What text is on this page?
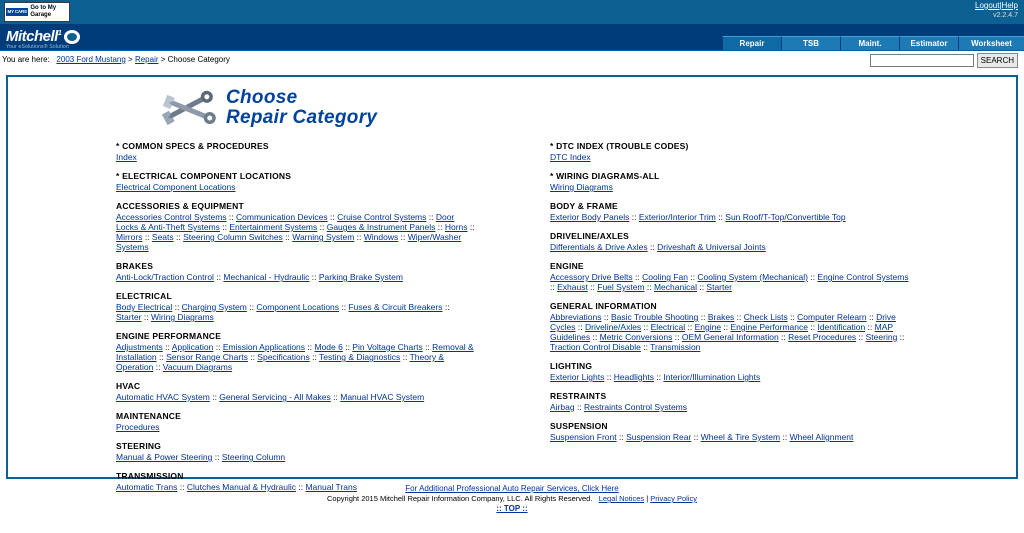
MY CARS
Go to My Garage
Logout|Help
v2.2.4.7
Mitchell$^1$
Your eSolutions® Solution	Repair	TSB	Maint.	Estimator	Worksheet
You are here: 2003 Ford Mustang > Repair > Choose Category	SEARCH
Choose
Repair Category
* COMMON SPECS & PROCEDURES
Index
* ELECTRICAL COMPONENT LOCATIONS
Electrical Component Locations
ACCESSORIES & EQUIPMENT
Accessories Control Systems :: Communication Devices :: Cruise Control Systems :: Door Locks & Anti-Theft Systems :: Entertainment Systems :: Gauges & Instrument Panels :: Horns :: Mirrors :: Seats :: Steering Column Switches :: Warning System :: Windows :: Wiper/Washer Systems
BRAKES
Anti-Lock/Traction Control :: Mechanical - Hydraulic :: Parking Brake System
ELECTRICAL
Body Electrical :: Charging System :: Component Locations :: Fuses & Circuit Breakers :: Starter :: Wiring Diagrams
ENGINE PERFORMANCE
Adjustments :: Application :: Emission Applications :: Mode 6 :: Pin Voltage Charts :: Removal & Installation :: Sensor Range Charts :: Specifications :: Testing & Diagnostics :: Theory & Operation :: Vacuum Diagrams
HVAC
Automatic HVAC System :: General Servicing - All Makes :: Manual HVAC System
MAINTENANCE
Procedures
STEERING
Manual & Power Steering :: Steering Column
TRANSMISSION
Automatic Trans :: Clutches Manual & Hydraulic :: Manual Trans
* DTC INDEX (TROUBLE CODES)
DTC Index
* WIRING DIAGRAMS-ALL
Wiring Diagrams
BODY & FRAME
Exterior Body Panels :: Exterior/Interior Trim :: Sun Roof/T-Top/Convertible Top
DRIVELINE/AXLES
Differentials & Drive Axles :: Driveshaft & Universal Joints
ENGINE
Accessory Drive Belts :: Cooling Fan :: Cooling System (Mechanical) :: Engine Control Systems :: Exhaust :: Fuel System :: Mechanical :: Starter
GENERAL INFORMATION
Abbreviations :: Basic Trouble Shooting :: Brakes :: Check Lists :: Computer Relearn :: Drive Cycles :: Driveline/Axles :: Electrical :: Engine :: Engine Performance :: Identification :: MAP Guidelines :: Metric Conversions :: OEM General Information :: Reset Procedures :: Steering :: Traction Control Disable :: Transmission
LIGHTING
Exterior Lights :: Headlights :: Interior/Illumination Lights
RESTRAINTS
Airbag :: Restraints Control Systems
SUSPENSION
Suspension Front :: Suspension Rear :: Wheel & Tire System :: Wheel Alignment
For Additional Professional Auto Repair Services, Click Here
Copyright 2015 Mitchell Repair Information Company, LLC. All Rights Reserved. Legal Notices | Privacy Policy
:: TOP ::
